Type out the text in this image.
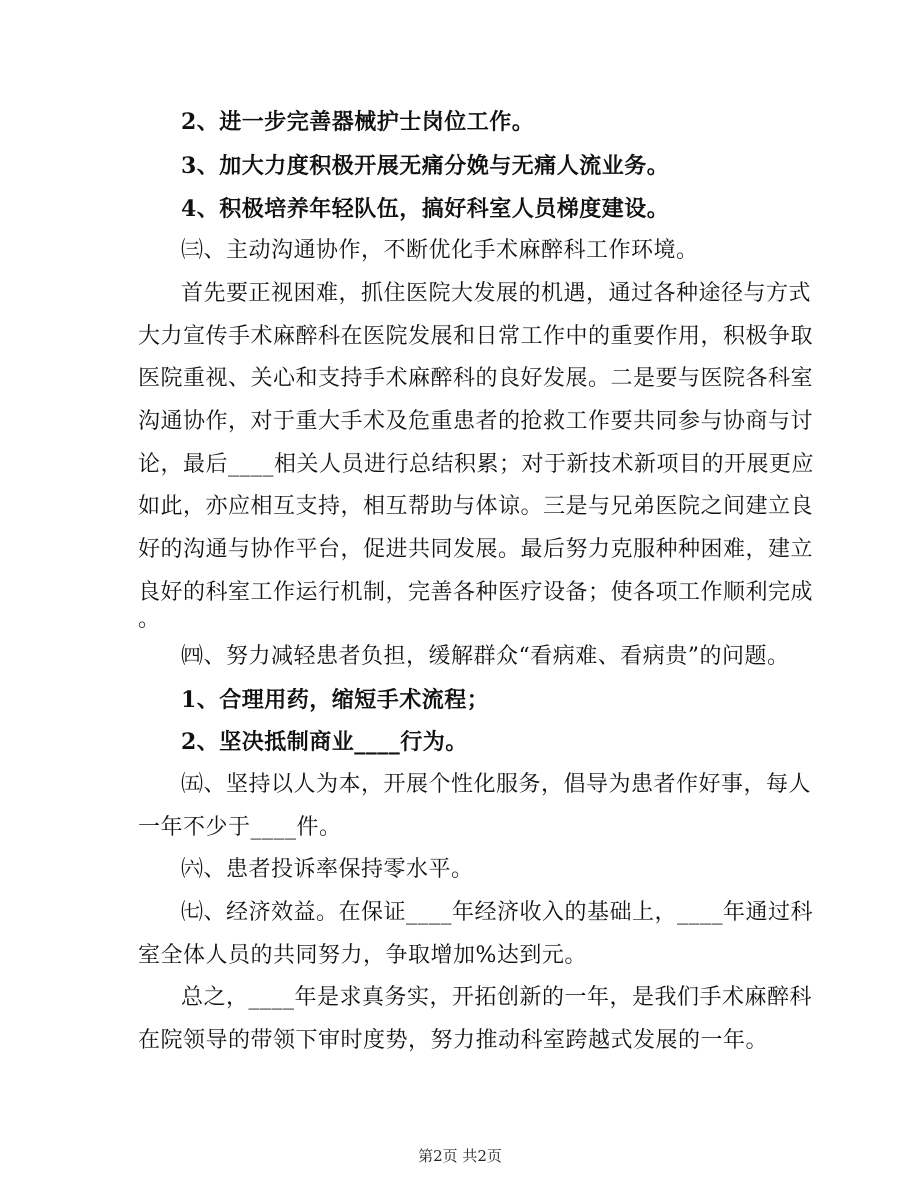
2、进一步完善器械护士岗位工作。
3、加大力度积极开展无痛分娩与无痛人流业务。
4、积极培养年轻队伍，搞好科室人员梯度建设。
㈢、主动沟通协作，不断优化手术麻醉科工作环境。
首先要正视困难，抓住医院大发展的机遇，通过各种途径与方式
大力宣传手术麻醉科在医院发展和日常工作中的重要作用，积极争取
医院重视、关心和支持手术麻醉科的良好发展。二是要与医院各科室
沟通协作，对于重大手术及危重患者的抢救工作要共同参与协商与讨
论，最后____相关人员进行总结积累；对于新技术新项目的开展更应
如此，亦应相互支持，相互帮助与体谅。三是与兄弟医院之间建立良
好的沟通与协作平台，促进共同发展。最后努力克服种种困难，建立
良好的科室工作运行机制，完善各种医疗设备；使各项工作顺利完成
。
㈣、努力减轻患者负担，缓解群众“看病难、看病贵”的问题。
1、合理用药，缩短手术流程；
2、坚决抵制商业____行为。
㈤、坚持以人为本，开展个性化服务，倡导为患者作好事，每人
一年不少于____件。
㈥、患者投诉率保持零水平。
㈦、经济效益。在保证____年经济收入的基础上，____年通过科
室全体人员的共同努力，争取增加%达到元。
总之，____年是求真务实，开拓创新的一年，是我们手术麻醉科
在院领导的带领下审时度势，努力推动科室跨越式发展的一年。
第2页 共2页
